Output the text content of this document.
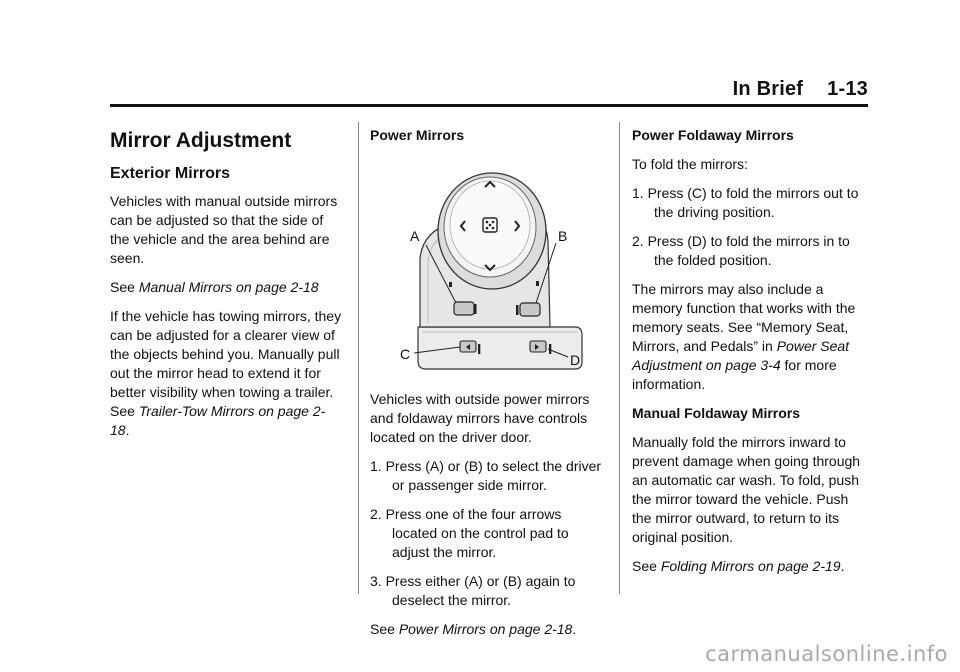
In Brief 1-13
Mirror Adjustment
Exterior Mirrors

Vehicles with manual outside mirrors can be adjusted so that the side of the vehicle and the area behind are seen.

See Manual Mirrors on page 2-18

If the vehicle has towing mirrors, they can be adjusted for a clearer view of the objects behind you. Manually pull out the mirror head to extend it for better visibility when towing a trailer. See Trailer-Tow Mirrors on page 2-18.

Power Mirrors
A	B
C	D

Vehicles with outside power mirrors and foldaway mirrors have controls located on the driver door.

1. Press (A) or (B) to select the driver or passenger side mirror.
2. Press one of the four arrows located on the control pad to adjust the mirror.
3. Press either (A) or (B) again to deselect the mirror.

See Power Mirrors on page 2-18.

Power Foldaway Mirrors

To fold the mirrors:

1. Press (C) to fold the mirrors out to the driving position.
2. Press (D) to fold the mirrors in to the folded position.

The mirrors may also include a memory function that works with the memory seats. See “Memory Seat, Mirrors, and Pedals” in Power Seat Adjustment on page 3-4 for more information.

Manual Foldaway Mirrors

Manually fold the mirrors inward to prevent damage when going through an automatic car wash. To fold, push the mirror toward the vehicle. Push the mirror outward, to return to its original position.

See Folding Mirrors on page 2-19.

carmanualsonline.info
